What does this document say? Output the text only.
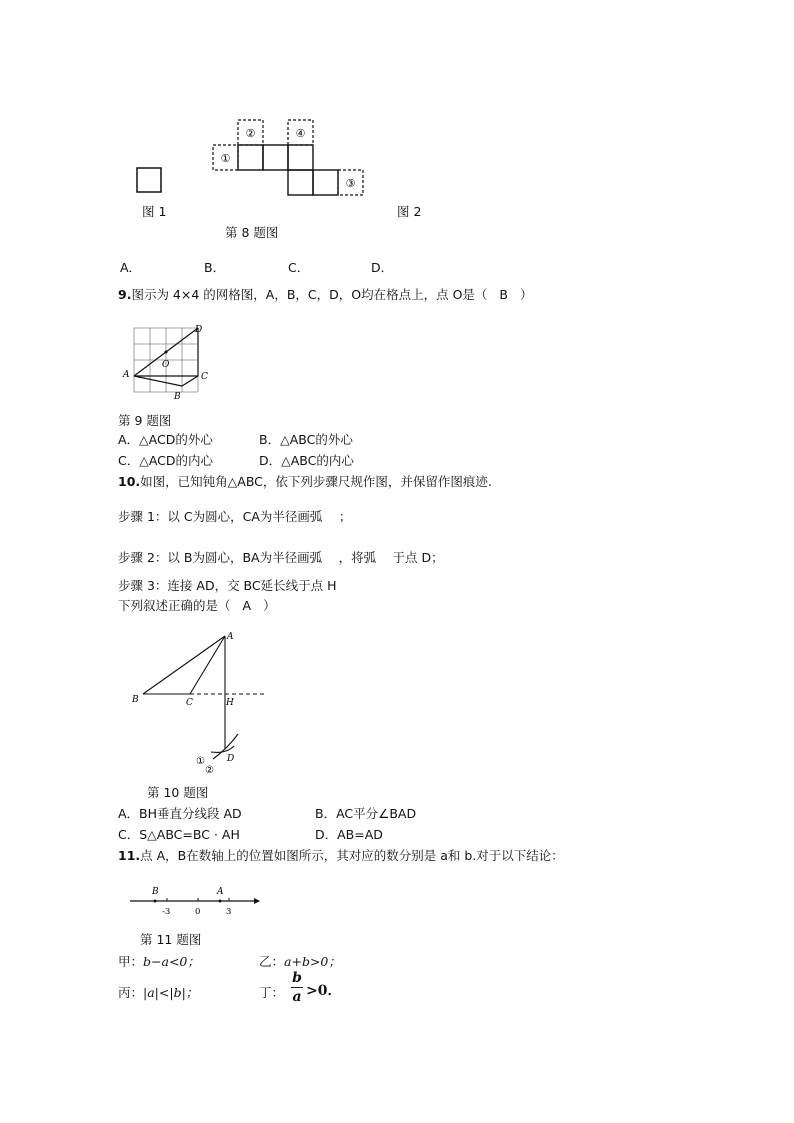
①
②	④
③
图 1	图 2
第 8 题图
A．	B．	C．	D．
9.图示为 4×4 的网格图，A，B，C，D，O均在格点上，点 O是（ B ）
A
B
C
D
O
第 9 题图
A．△ACD的外心	B．△ABC的外心
C．△ACD的内心	D．△ABC的内心
10.如图，已知钝角△ABC，依下列步骤尺规作图，并保留作图痕迹.
步骤 1：以 C为圆心，CA为半径画弧　 ；
步骤 2：以 B为圆心，BA为半径画弧　 ，将弧　 于点 D；
步骤 3：连接 AD，交 BC延长线于点 H
下列叙述正确的是（ A ）
A
B	C	H
D
①
②
第 10 题图
A．BH垂直分线段 AD	B．AC平分∠BAD
C．S△ABC=BC · AH	D．AB=AD
11.点 A，B在数轴上的位置如图所示，其对应的数分别是 a和 b.对于以下结论：
B	A
-3	0	3
第 11 题图
甲：b−a<0；	乙：a+b>0；
丙：|a|<|b|；	丁：
b
a >0．
